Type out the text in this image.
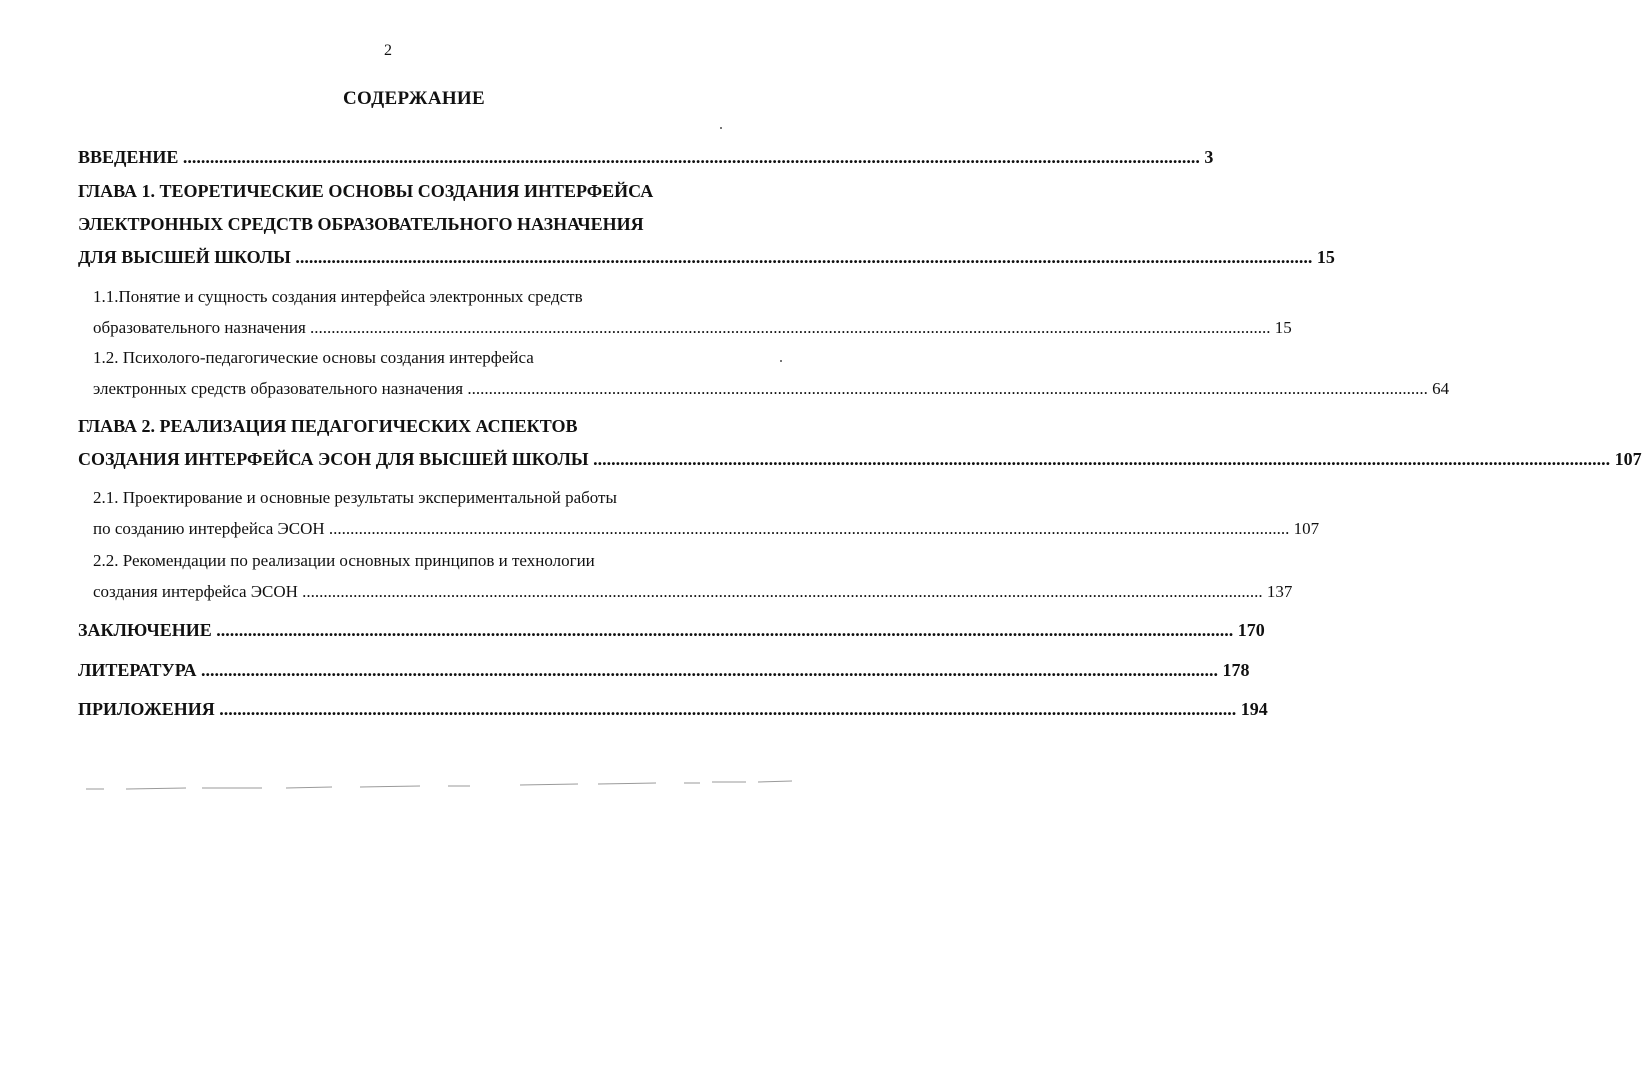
2
СОДЕРЖАНИЕ
ВВЕДЕНИЕ .....	3
ГЛАВА 1. ТЕОРЕТИЧЕСКИЕ ОСНОВЫ СОЗДАНИЯ ИНТЕРФЕЙСА
ЭЛЕКТРОННЫХ СРЕДСТВ ОБРАЗОВАТЕЛЬНОГО НАЗНАЧЕНИЯ
ДЛЯ ВЫСШЕЙ ШКОЛЫ .....	15
1.1.Понятие и сущность создания интерфейса электронных средств
образовательного назначения .....	15
1.2. Психолого-педагогические основы создания интерфейса
электронных средств образовательного назначения .....	64
ГЛАВА 2. РЕАЛИЗАЦИЯ ПЕДАГОГИЧЕСКИХ АСПЕКТОВ
СОЗДАНИЯ ИНТЕРФЕЙСА ЭСОН ДЛЯ ВЫСШЕЙ ШКОЛЫ .....	107
2.1. Проектирование и основные результаты экспериментальной работы
по созданию интерфейса ЭСОН .....	107
2.2. Рекомендации по реализации основных принципов и технологии
создания интерфейса ЭСОН .....	137
ЗАКЛЮЧЕНИЕ .....	170
ЛИТЕРАТУРА .....	178
ПРИЛОЖЕНИЯ .....	194
